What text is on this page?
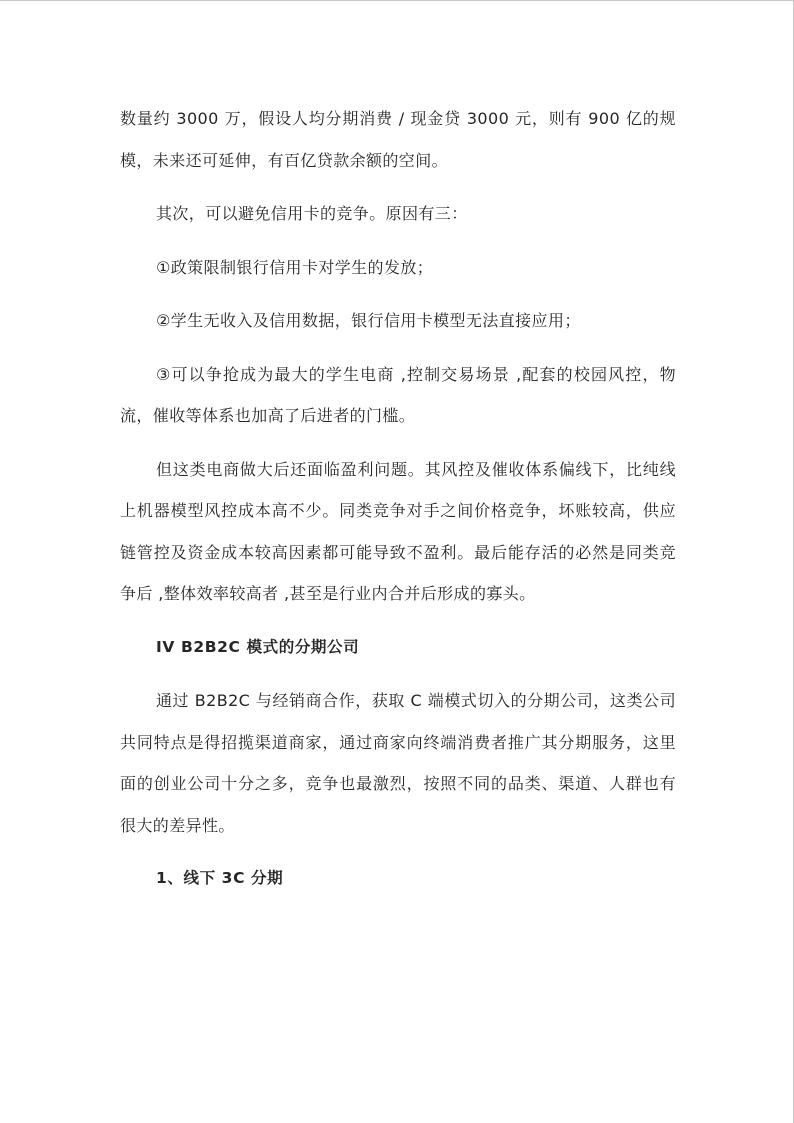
数量约 3000 万，假设人均分期消费 / 现金贷 3000 元，则有 900 亿的规模，未来还可延伸，有百亿贷款余额的空间。

其次，可以避免信用卡的竞争。原因有三：

①政策限制银行信用卡对学生的发放；

②学生无收入及信用数据，银行信用卡模型无法直接应用；

③可以争抢成为最大的学生电商 ,控制交易场景 ,配套的校园风控，物流，催收等体系也加高了后进者的门槛。

但这类电商做大后还面临盈利问题。其风控及催收体系偏线下，比纯线上机器模型风控成本高不少。同类竞争对手之间价格竞争，坏账较高，供应链管控及资金成本较高因素都可能导致不盈利。最后能存活的必然是同类竞争后 ,整体效率较高者 ,甚至是行业内合并后形成的寡头。

IV B2B2C 模式的分期公司

通过 B2B2C 与经销商合作，获取 C 端模式切入的分期公司，这类公司共同特点是得招揽渠道商家，通过商家向终端消费者推广其分期服务，这里面的创业公司十分之多，竞争也最激烈，按照不同的品类、渠道、人群也有很大的差异性。

1、线下 3C 分期
